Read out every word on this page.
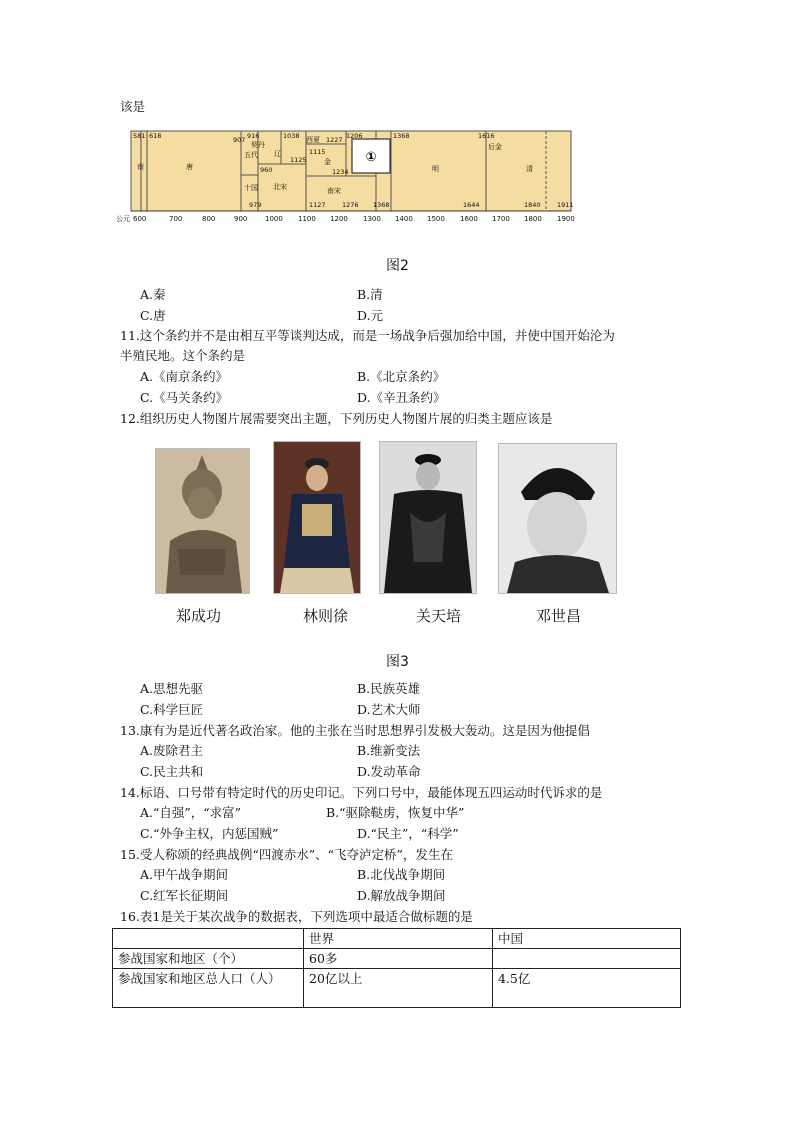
该是
①
581 618	907 916	1038
1115
1227 1206	1368	1616
南	唐
五代
十国
契丹
辽
北宋
西夏
金
南宋
明
后金
清
1125
960
979
1234
1127	1276 1368	1644	1840	1911
公元 600	700	800	900	1000 1100 1200 1300 1400 1500 1600 1700 1800 1900
图2
A.秦	B.清
C.唐	D.元
11.这个条约并不是由相互平等谈判达成，而是一场战争后强加给中国，并使中国开始沦为
半殖民地。这个条约是
A.《南京条约》	B.《北京条约》
C.《马关条约》	D.《辛丑条约》
12.组织历史人物图片展需要突出主题，下列历史人物图片展的归类主题应该是
郑成功	林则徐	关天培	邓世昌
图3
A.思想先驱	B.民族英雄
C.科学巨匠	D.艺术大师
13.康有为是近代著名政治家。他的主张在当时思想界引发极大轰动。这是因为他提倡
A.废除君主	B.维新变法
C.民主共和	D.发动革命
14.标语、口号带有特定时代的历史印记。下列口号中，最能体现五四运动时代诉求的是
A.“自强”，“求富”	B.“驱除鞑虏，恢复中华”
C.“外争主权，内惩国贼”	D.“民主”，“科学”
15.受人称颂的经典战例“四渡赤水”、“飞夺泸定桥”，发生在
A.甲午战争期间	B.北伐战争期间
C.红军长征期间	D.解放战争期间
16.表1是关于某次战争的数据表，下列选项中最适合做标题的是
	世界	中国
参战国家和地区（个）	60多	
参战国家和地区总人口（人）	20亿以上	4.5亿
